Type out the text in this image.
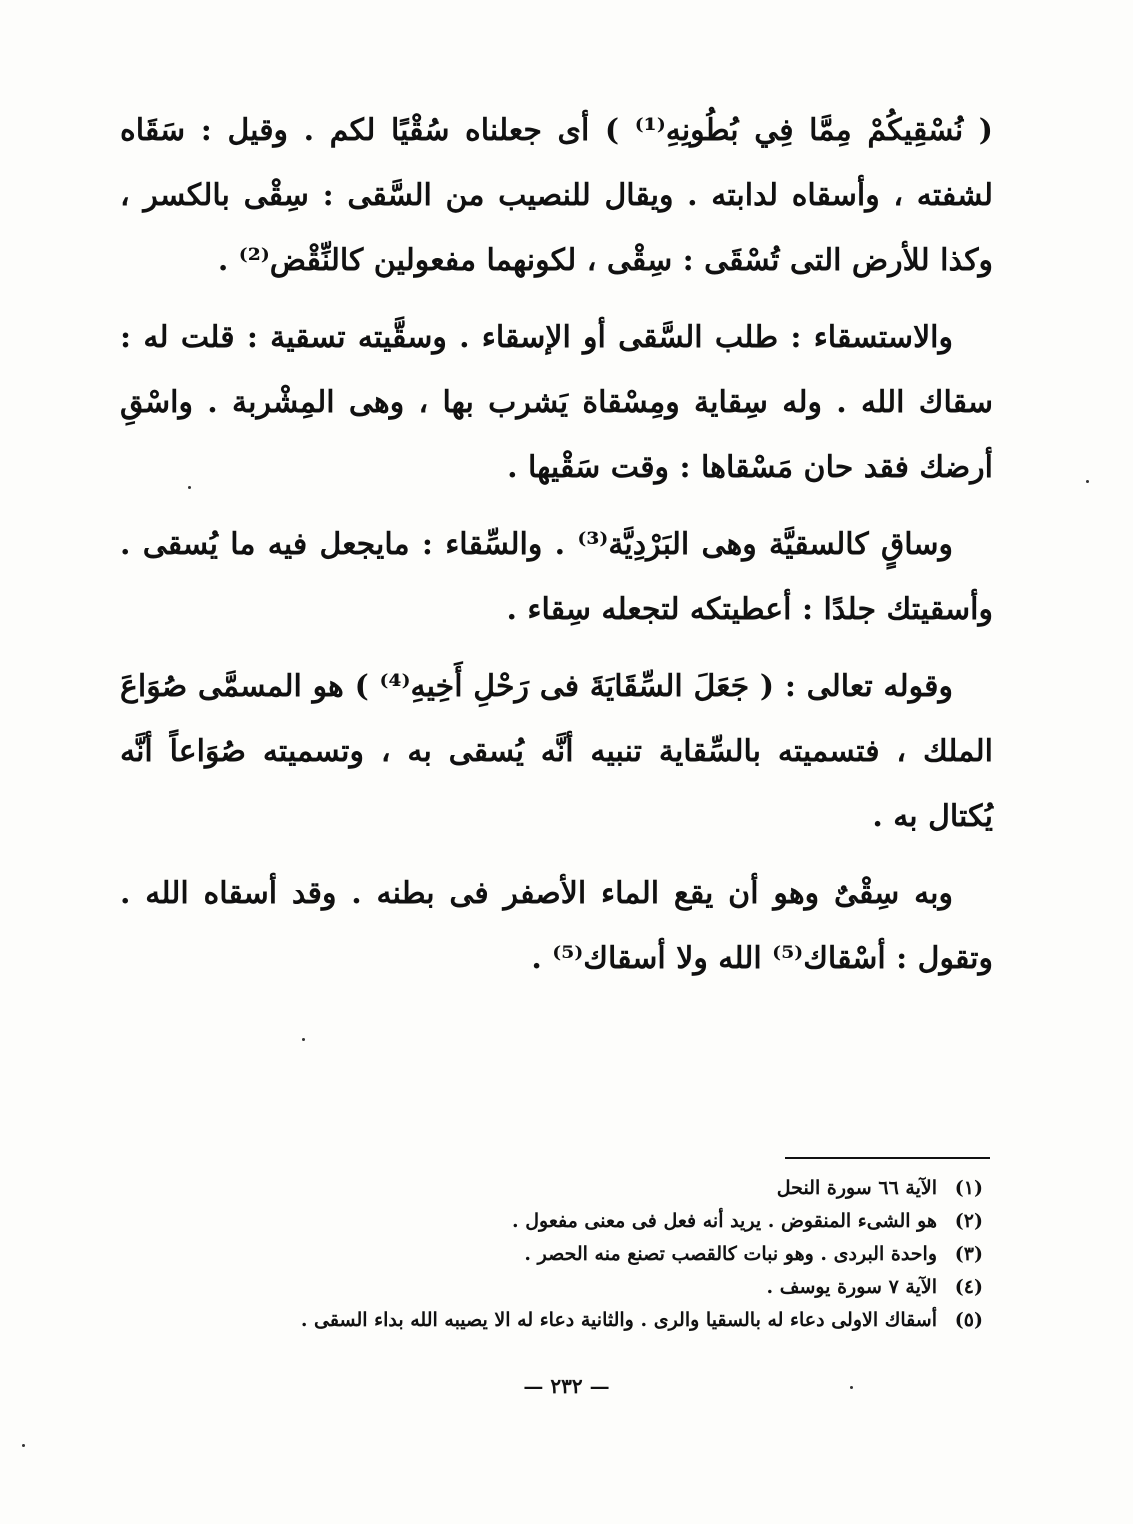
( نُسْقِيكُمْ مِمَّا فِي بُطُونِهِ⁽¹⁾ ) أى جعلناه سُقْيًا لكم . وقيل : سَقَاه لشفته ، وأسقاه لدابته . ويقال للنصيب من السَّقى : سِقْى بالكسر ، وكذا للأرض التى تُسْقَى : سِقْى ، لكونهما مفعولين كالنِّقْض⁽²⁾ .

والاستسقاء : طلب السَّقى أو الإسقاء . وسقَّيته تسقية : قلت له : سقاك الله . وله سِقاية ومِسْقاة يَشرب بها ، وهى المِشْربة . واسْقِ أرضك فقد حان مَسْقاها : وقت سَقْيها .

وساقٍ كالسقيَّة وهى البَرْدِيَّة⁽³⁾ . والسِّقاء : مايجعل فيه ما يُسقى . وأسقيتك جلدًا : أعطيتكه لتجعله سِقاء .

وقوله تعالى : ( جَعَلَ السِّقَايَةَ فى رَحْلِ أَخِيهِ⁽⁴⁾ ) هو المسمَّى صُوَاعَ الملك ، فتسميته بالسِّقاية تنبيه أنَّه يُسقى به ، وتسميته صُوَاعاً أنَّه يُكتال به .

وبه سِقْىٌ وهو أن يقع الماء الأصفر فى بطنه . وقد أسقاه الله . وتقول : أسْقاك⁽⁵⁾ الله ولا أسقاك⁽⁵⁾ .

(١)
الآية ٦٦ سورة النحل
(٢)
هو الشىء المنقوض . يريد أنه فعل فى معنى مفعول .
(٣)
واحدة البردى . وهو نبات كالقصب تصنع منه الحصر .
(٤)
الآية ٧ سورة يوسف .
(٥)
أسقاك الاولى دعاء له بالسقيا والرى . والثانية دعاء له الا يصيبه الله بداء السقى .
— ٢٣٢ —
